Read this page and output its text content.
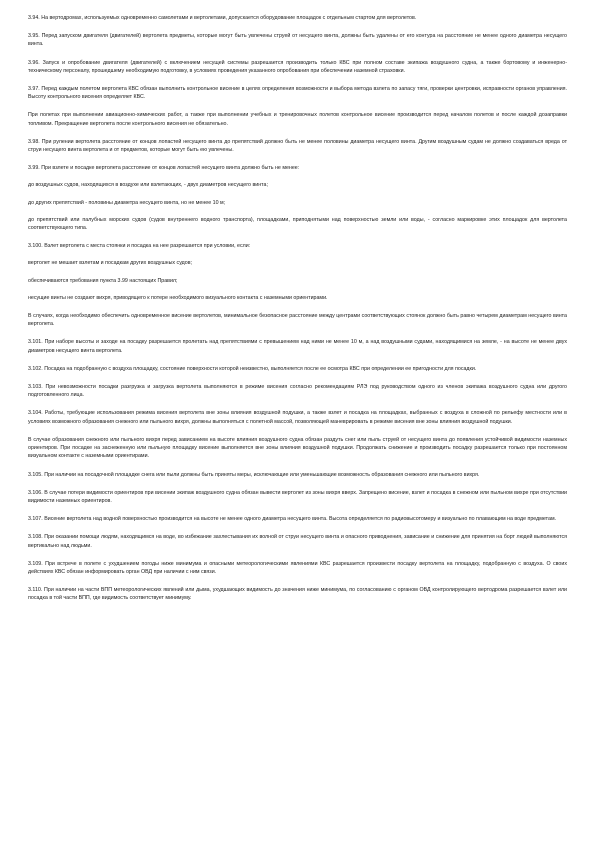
3.94. На вертодромах, используемых одновременно самолетами и вертолетами, допускается оборудование площадок с отдельным стартом для вертолетов.

3.95. Перед запуском двигателя (двигателей) вертолета предметы, которые могут быть увлечены струей от несущего винта, должны быть удалены от его контура на расстояние не менее одного диаметра несущего винта.

3.96. Запуск и опробование двигателя (двигателей) с включением несущей системы разрешается производить только КВС при полном составе экипажа воздушного судна, а также бортовому и инженерно-техническому персоналу, прошедшему необходимую подготовку, в условиях проведения указанного опробования при обеспечении наземной страховки.

3.97. Перед каждым полетом вертолета КВС обязан выполнить контрольное висение в целях определения возможности и выбора метода взлета по запасу тяги, проверки центровки, исправности органов управления. Высоту контрольного висения определяет КВС.

При полетах при выполнении авиационно-химических работ, а также при выполнении учебных и тренировочных полетов контрольное висение производится перед началом полетов и после каждой дозаправки топливом. Прекращение вертолета после контрольного висения не обязательно.

3.98. При рулении вертолета расстояние от концов лопастей несущего винта до препятствий должно быть не менее половины диаметра несущего винта. Другим воздушным судам не должно создаваться вреда от струи несущего винта вертолета и от предметов, которые могут быть ею увлечены.

3.99. При взлете и посадке вертолета расстояние от концов лопастей несущего винта должно быть не менее:

до воздушных судов, находящихся в воздухе или взлетающих, - двух диаметров несущего винта;

до других препятствий - половины диаметра несущего винта, но не менее 10 м;

до препятствий или палубных морских судов (судов внутреннего водного транспорта), площадками, приподнятыми над поверхностью земли или воды, - согласно маркировке этих площадок для вертолета соответствующего типа.

3.100. Взлет вертолета с места стоянки и посадка на нее разрешается при условии, если:

вертолет не мешает взлетам и посадкам других воздушных судов;

обеспечиваются требования пункта 3.99 настоящих Правил;

несущие винты не создают вихря, приводящего к потере необходимого визуального контакта с наземными ориентирами.

В случаях, когда необходимо обеспечить одновременное висение вертолетов, минимальное безопасное расстояние между центрами соответствующих стоянок должно быть равно четырем диаметрам несущего винта вертолета.

3.101. При наборе высоты и заходе на посадку разрешается пролетать над препятствиями с превышением над ними не менее 10 м, а над воздушными судами, находящимися на земле, - на высоте не менее двух диаметров несущего винта вертолета.

3.102. Посадка на подобранную с воздуха площадку, состояние поверхности которой неизвестно, выполняется после ее осмотра КВС при определении ее пригодности для посадки.

3.103. При невозможности посадки разгрузка и загрузка вертолета выполняются в режиме висения согласно рекомендациям РЛЭ под руководством одного из членов экипажа воздушного судна или другого подготовленного лица.

3.104. Работы, требующие использования режима висения вертолета вне зоны влияния воздушной подушки, а также взлет и посадка на площадках, выбранных с воздуха в сложной по рельефу местности или в условиях возможного образования снежного или пыльного вихря, должны выполняться с полетной массой, позволяющей маневрировать в режиме висения вне зоны влияния воздушной подушки.

В случае образования снежного или пыльного вихря перед зависанием на высоте влияния воздушного судна обязан раздуть снег или пыль струей от несущего винта до появления устойчивой видимости наземных ориентиров. При посадке на заснеженную или пыльную площадку висение выполняется вне зоны влияния воздушной подушки. Продолжать снижение и производить посадку разрешается только при постоянном визуальном контакте с наземными ориентирами.

3.105. При наличии на посадочной площадке снега или пыли должны быть приняты меры, исключающие или уменьшающие возможность образования снежного или пыльного вихря.

3.106. В случае потери видимости ориентиров при висении экипаж воздушного судна обязан вывести вертолет из зоны вихря вверх. Запрещено висение, взлет и посадка в снежном или пыльном вихре при отсутствии видимости наземных ориентиров.

3.107. Висение вертолета над водной поверхностью производится на высоте не менее одного диаметра несущего винта. Высота определяется по радиовысотомеру и визуально по плавающим на воде предметам.

3.108. При оказании помощи людям, находящимся на воде, во избежание захлестывания их волной от струи несущего винта и опасного приводнения, зависание и снижение для принятия на борт людей выполняются вертикально над людьми.

3.109. При встрече в полете с ухудшением погоды ниже минимума и опасными метеорологическими явлениями КВС разрешается произвести посадку вертолета на площадку, подобранную с воздуха. О своих действиях КВС обязан информировать орган ОВД при наличии с ним связи.

3.110. При наличии на части ВПП метеорологических явлений или дыма, ухудшающих видимость до значения ниже минимума, по согласованию с органом ОВД контролирующего вертодрома разрешается взлет или посадка в той части ВПП, где видимость соответствует минимуму.
